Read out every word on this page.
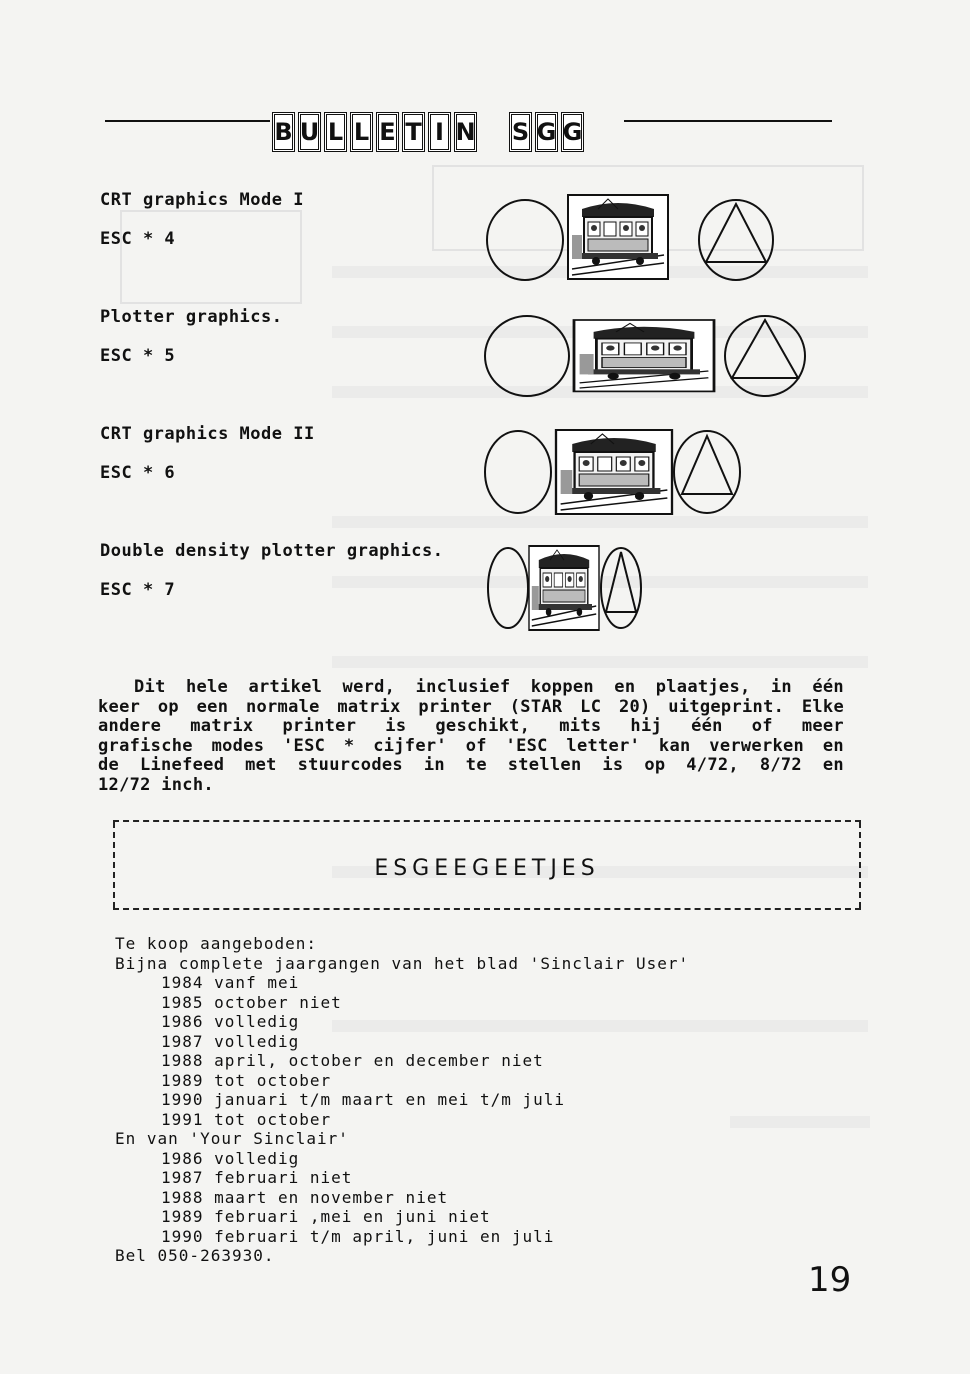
B U L L E T I N S G G
CRT graphics Mode I
ESC * 4
Plotter graphics.
ESC * 5
CRT graphics Mode II
ESC * 6
Double density plotter graphics.
ESC * 7
Dit hele artikel werd, inclusief koppen en plaatjes, in één
keer op een normale matrix printer (STAR LC 20) uitgeprint. Elke
andere matrix printer is geschikt, mits hij één of meer
grafische modes 'ESC * cijfer' of 'ESC letter' kan verwerken en
de Linefeed met stuurcodes in te stellen is op 4/72, 8/72 en
12/72 inch.
ESGEEGEETJES
Te koop aangeboden:
Bijna complete jaargangen van het blad 'Sinclair User'
1984 vanf mei
1985 october niet
1986 volledig
1987 volledig
1988 april, october en december niet
1989 tot october
1990 januari t/m maart en mei t/m juli
1991 tot october
En van 'Your Sinclair'
1986 volledig
1987 februari niet
1988 maart en november niet
1989 februari ,mei en juni niet
1990 februari t/m april, juni en juli
Bel 050-263930.
19
